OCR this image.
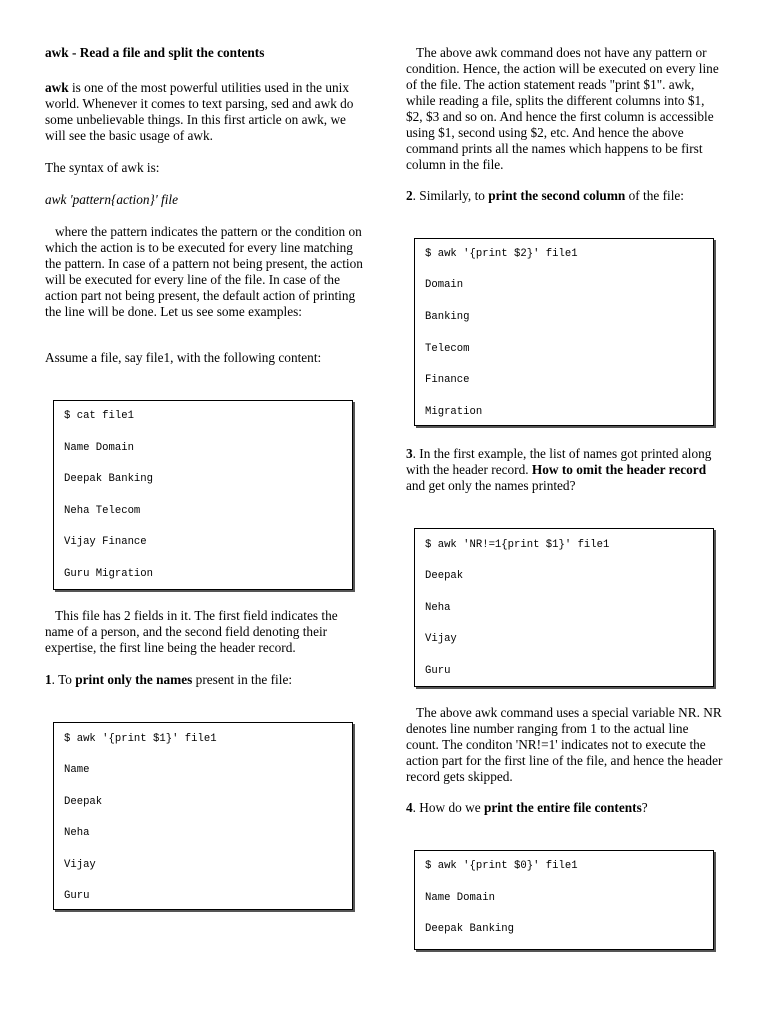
awk - Read a file and split the contents

awk is one of the most powerful utilities used in the unix world. Whenever it comes to text parsing, sed and awk do some unbelievable things. In this first article on awk, we will see the basic usage of awk.

The syntax of awk is:

awk 'pattern{action}' file

where the pattern indicates the pattern or the condition on which the action is to be executed for every line matching the pattern. In case of a pattern not being present, the action will be executed for every line of the file. In case of the action part not being present, the default action of printing the line will be done. Let us see some examples:

Assume a file, say file1, with the following content:

$ cat file1
Name Domain
Deepak Banking
Neha Telecom
Vijay Finance
Guru Migration

This file has 2 fields in it. The first field indicates the name of a person, and the second field denoting their expertise, the first line being the header record.

1. To print only the names present in the file:

$ awk '{print $1}' file1
Name
Deepak
Neha
Vijay
Guru

The above awk command does not have any pattern or condition. Hence, the action will be executed on every line of the file. The action statement reads "print $1". awk, while reading a file, splits the different columns into $1, $2, $3 and so on. And hence the first column is accessible using $1, second using $2, etc. And hence the above command prints all the names which happens to be first column in the file.

2. Similarly, to print the second column of the file:

$ awk '{print $2}' file1
Domain
Banking
Telecom
Finance
Migration

3. In the first example, the list of names got printed along with the header record. How to omit the header record and get only the names printed?

$ awk 'NR!=1{print $1}' file1
Deepak
Neha
Vijay
Guru

The above awk command uses a special variable NR. NR denotes line number ranging from 1 to the actual line count. The conditon 'NR!=1' indicates not to execute the action part for the first line of the file, and hence the header record gets skipped.

4. How do we print the entire file contents?

$ awk '{print $0}' file1
Name Domain
Deepak Banking
